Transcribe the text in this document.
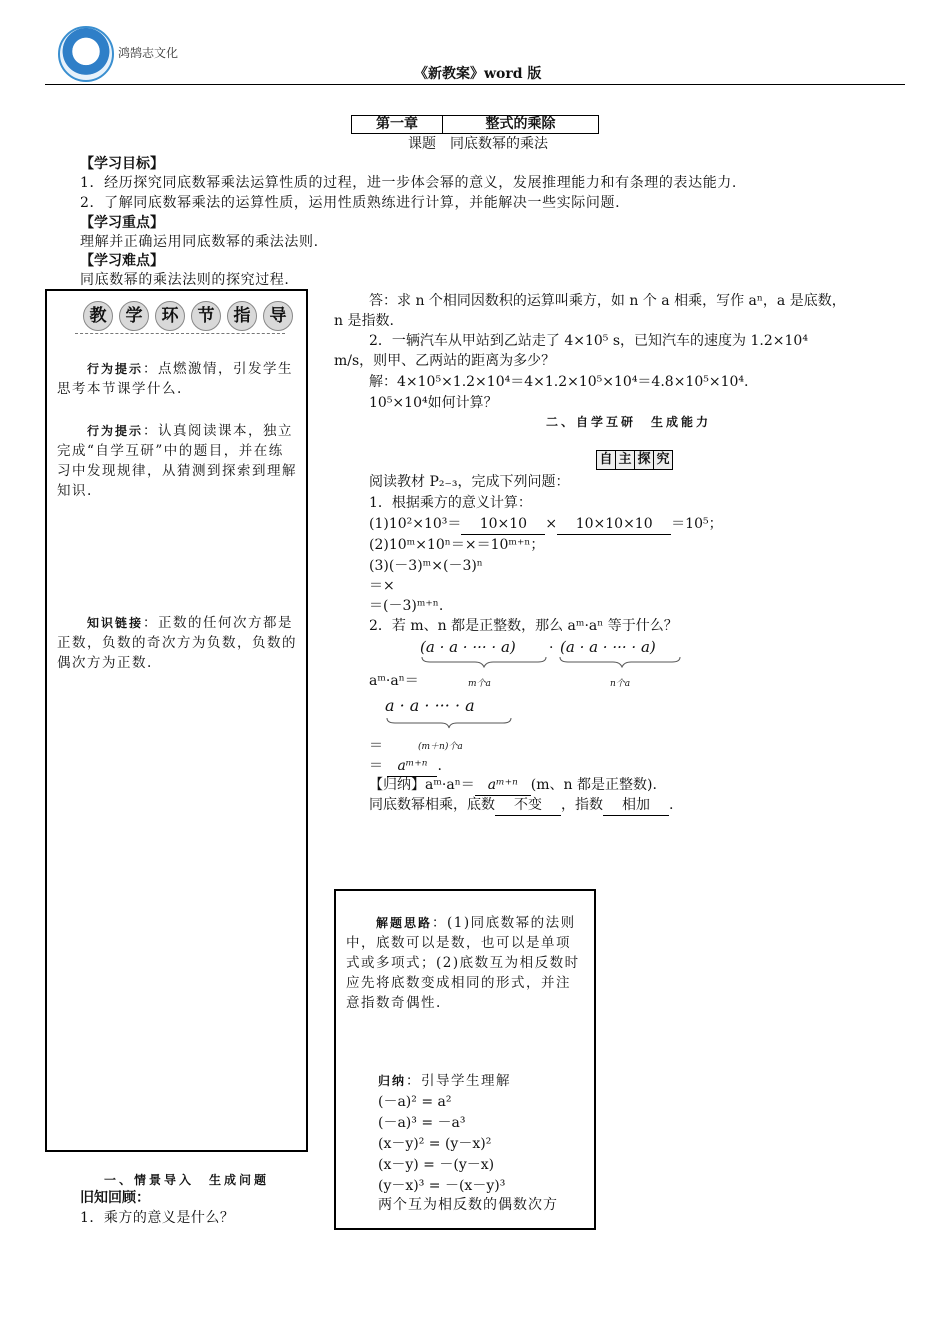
6 鸿鹄志文化
《新教案》word 版
第一章	整式的乘除
课题　同底数幂的乘法
【学习目标】
1．经历探究同底数幂乘法运算性质的过程，进一步体会幂的意义，发展推理能力和有条理的表达能力.
2．了解同底数幂乘法的运算性质，运用性质熟练进行计算，并能解决一些实际问题.
【学习重点】
理解并正确运用同底数幂的乘法法则.
【学习难点】
同底数幂的乘法法则的探究过程.
教	学	环	节	指	导
行为提示：点燃激情，引发学生思考本节课学什么.
行为提示：认真阅读课本，独立完成“自学互研”中的题目，并在练习中发现规律，从猜测到探索到理解知识.
知识链接：正数的任何次方都是正数，负数的奇次方为负数，负数的偶次方为正数.
一、情景导入　生成问题
旧知回顾：
1．乘方的意义是什么？
答：求 n 个相同因数积的运算叫乘方，如 n 个 a 相乘，写作 aⁿ，a 是底数，
n 是指数.
2．一辆汽车从甲站到乙站走了 4×10⁵ s，已知汽车的速度为 1.2×10⁴
m/s，则甲、乙两站的距离为多少？
解：4×10⁵×1.2×10⁴＝4×1.2×10⁵×10⁴＝4.8×10⁵×10⁴.
10⁵×10⁴如何计算？
二、自学互研　生成能力
自 主 探 究
阅读教材 P₂₋₃，完成下列问题：
1．根据乘方的意义计算：
(1)10²×10³＝ 10×10 × 10×10×10 ＝10⁵；
(2)10ᵐ×10ⁿ＝×＝10ᵐ⁺ⁿ；
(3)(－3)ᵐ×(－3)ⁿ
＝×
＝(－3)ᵐ⁺ⁿ.
2．若 m、n 都是正整数，那么 aᵐ·aⁿ 等于什么？
(a · a · ··· · a) · (a · a · ··· · a)
m个a	n个a
aᵐ·aⁿ＝
a · a · ··· · a
＝	(m＋n)个a
＝ aᵐ⁺ⁿ .
【归纳】aᵐ·aⁿ＝ aᵐ⁺ⁿ (m、n 都是正整数).
同底数幂相乘，底数 不变 ，指数 相加 .
解题思路：(1)同底数幂的法则中，底数可以是数，也可以是单项式或多项式；(2)底数互为相反数时应先将底数变成相同的形式，并注意指数奇偶性.
归纳：引导学生理解
(－a)² = a²
(－a)³ = －a³
(x－y)² = (y－x)²
(x－y) = －(y－x)
(y－x)³ = －(x－y)³
两个互为相反数的偶数次方
